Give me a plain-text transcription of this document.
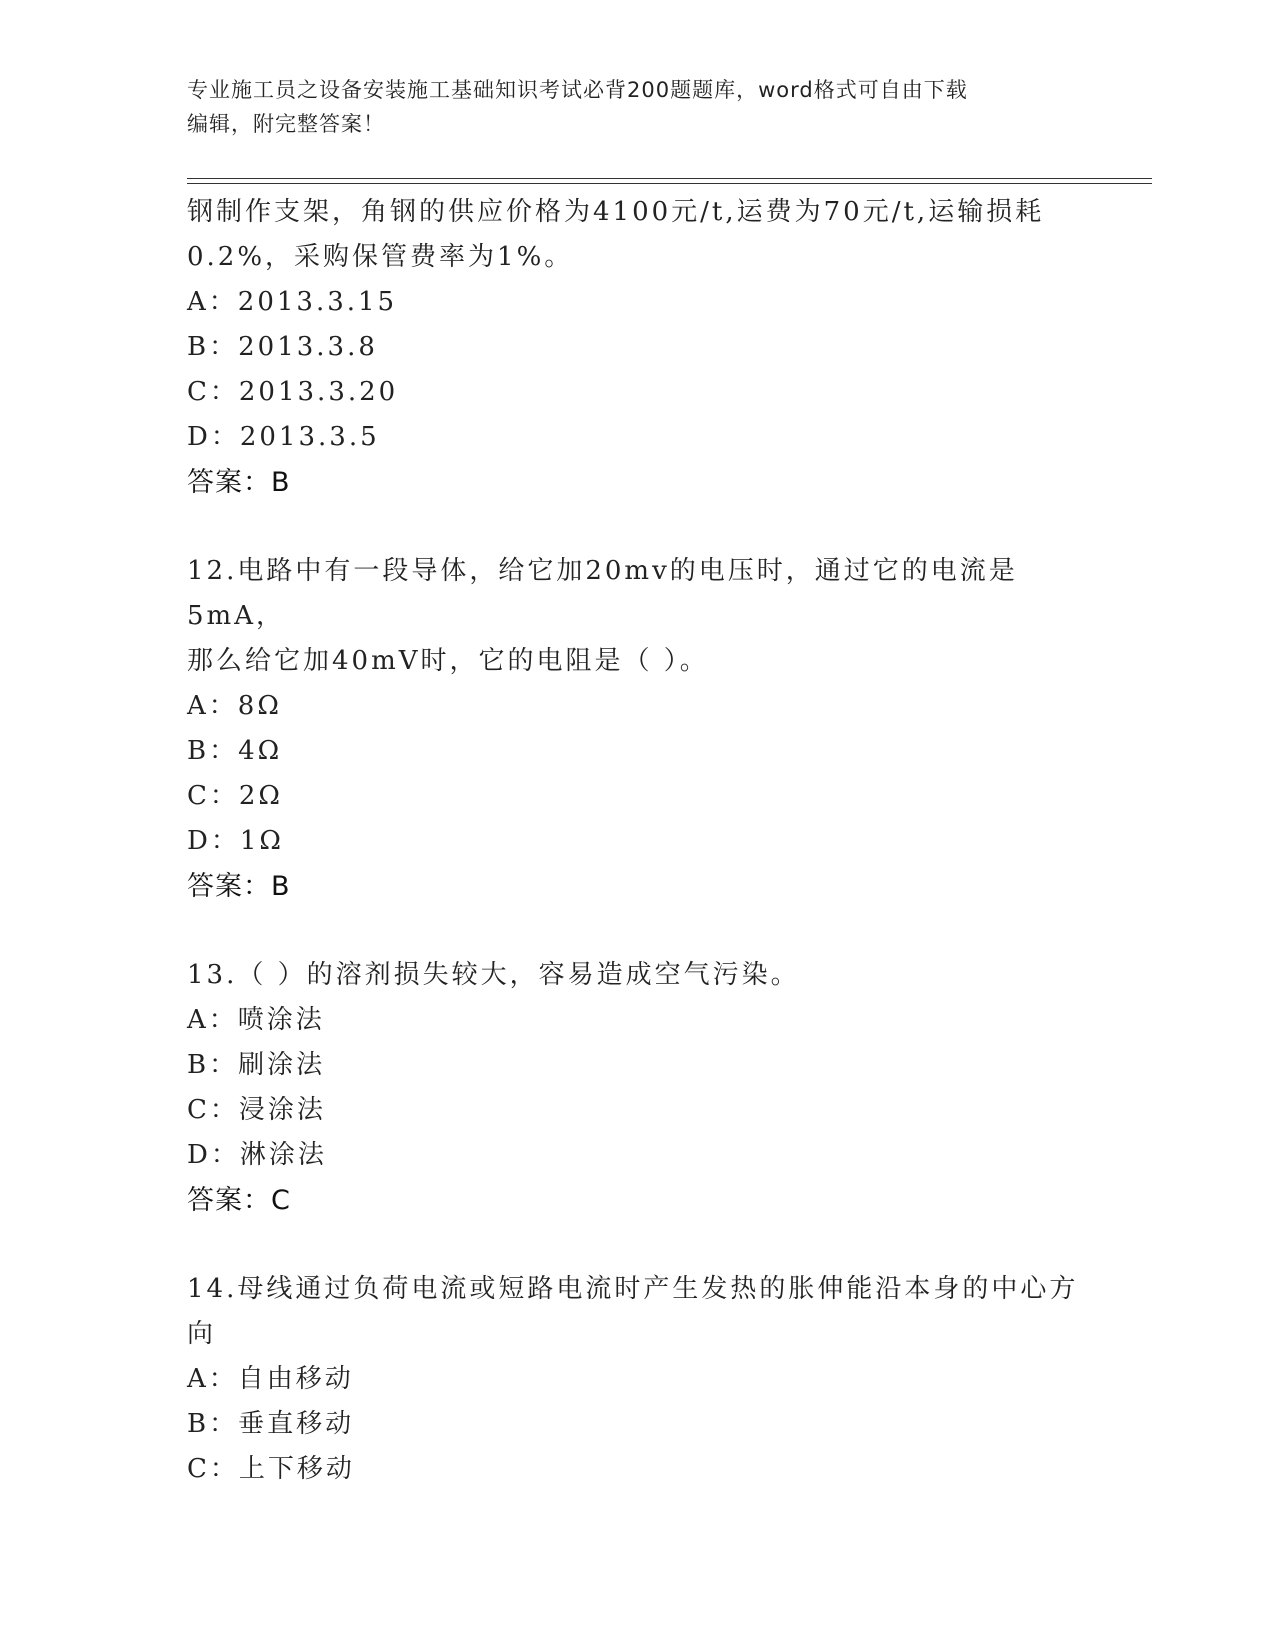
专业施工员之设备安装施工基础知识考试必背200题题库，word格式可自由下载
编辑，附完整答案！
钢制作支架，角钢的供应价格为4100元/t,运费为70元/t,运输损耗
0.2%，采购保管费率为1%。
A：2013.3.15
B：2013.3.8
C：2013.3.20
D：2013.3.5
答案：B
12.电路中有一段导体，给它加20mv的电压时，通过它的电流是5mA，
那么给它加40mV时，它的电阻是（ ）。
A：8Ω
B：4Ω
C：2Ω
D：1Ω
答案：B
13.（ ）的溶剂损失较大，容易造成空气污染。
A：喷涂法
B：刷涂法
C：浸涂法
D：淋涂法
答案：C
14.母线通过负荷电流或短路电流时产生发热的胀伸能沿本身的中心方
向
A：自由移动
B：垂直移动
C：上下移动
